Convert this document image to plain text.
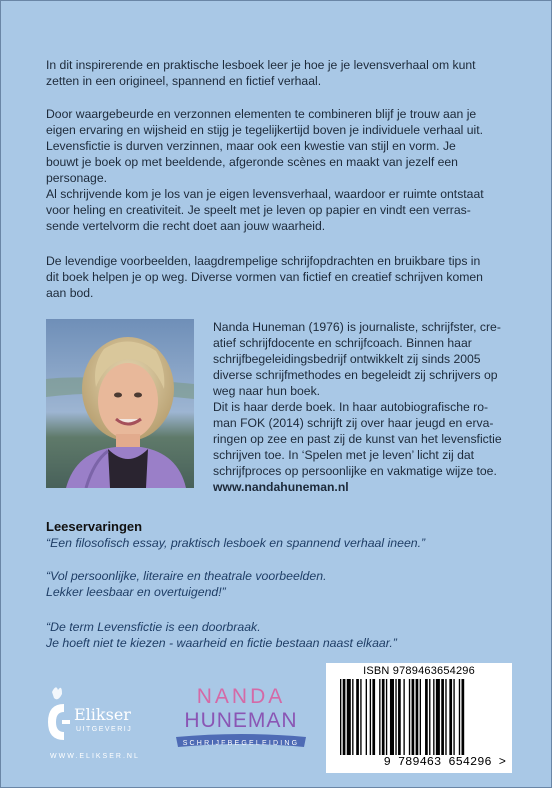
In dit inspirerende en praktische lesboek leer je hoe je je levensverhaal om kunt
zetten in een origineel, spannend en fictief verhaal.
Door waargebeurde en verzonnen elementen te combineren blijf je trouw aan je
eigen ervaring en wijsheid en stijg je tegelijkertijd boven je individuele verhaal uit.
Levensfictie is durven verzinnen, maar ook een kwestie van stijl en vorm. Je
bouwt je boek op met beeldende, afgeronde scènes en maakt van jezelf een
personage.
Al schrijvende kom je los van je eigen levensverhaal, waardoor er ruimte ontstaat
voor heling en creativiteit. Je speelt met je leven op papier en vindt een verras-
sende vertelvorm die recht doet aan jouw waarheid.
De levendige voorbeelden, laagdrempelige schrijfopdrachten en bruikbare tips in
dit boek helpen je op weg. Diverse vormen van fictief en creatief schrijven komen
aan bod.
Nanda Huneman (1976) is journaliste, schrijfster, cre-
atief schrijfdocente en schrijfcoach. Binnen haar
schrijfbegeleidingsbedrijf ontwikkelt zij sinds 2005
diverse schrijfmethodes en begeleidt zij schrijvers op
weg naar hun boek.
Dit is haar derde boek. In haar autobiografische ro-
man FOK (2014) schrijft zij over haar jeugd en erva-
ringen op zee en past zij de kunst van het levensfictie
schrijven toe. In ‘Spelen met je leven’ licht zij dat
schrijfproces op persoonlijke en vakmatige wijze toe.
www.nandahuneman.nl
Leeservaringen
“Een filosofisch essay, praktisch lesboek en spannend verhaal ineen.”
“Vol persoonlijke, literaire en theatrale voorbeelden.
Lekker leesbaar en overtuigend!”
“De term Levensfictie is een doorbraak.
Je hoeft niet te kiezen - waarheid en fictie bestaan naast elkaar.”
Elikser
UITGEVERIJ
WWW.ELIKSER.NL
NANDA
HUNEMAN
SCHRIJFBEGELEIDING
ISBN 9789463654296
9 789463 654296 >
